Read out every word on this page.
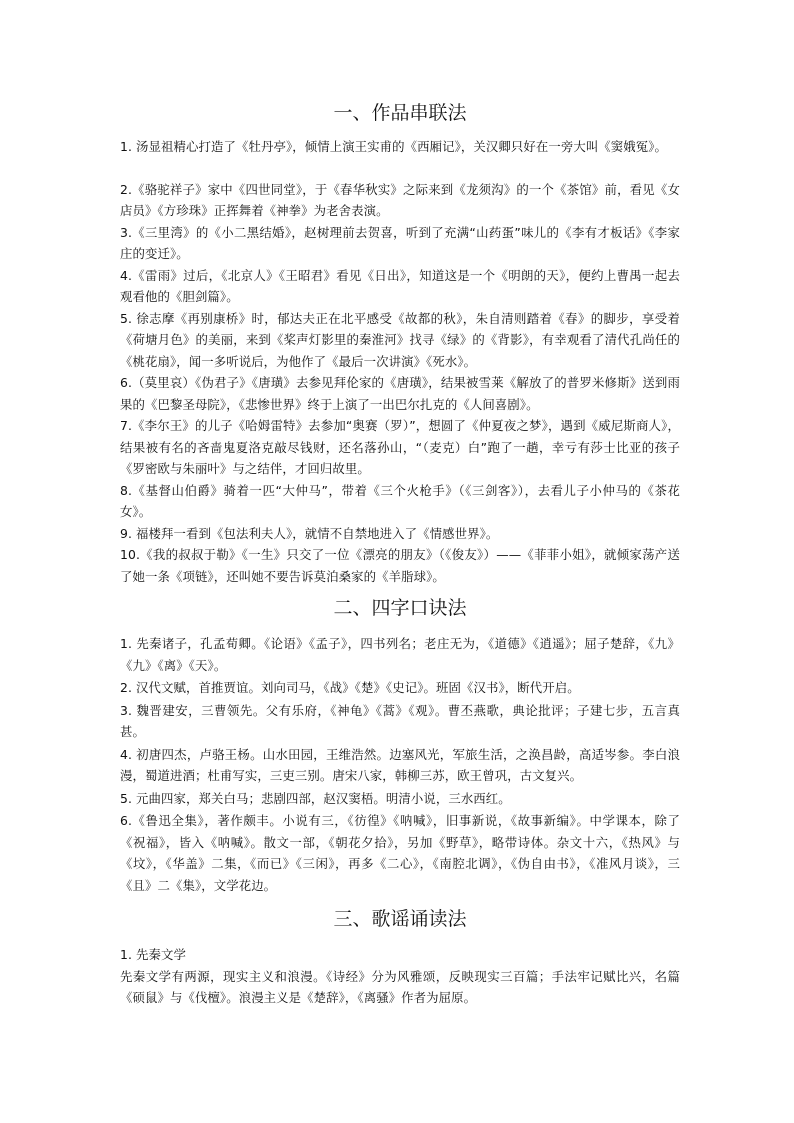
一、作品串联法

1. 汤显祖精心打造了《牡丹亭》，倾情上演王实甫的《西厢记》，关汉卿只好在一旁大叫《窦娥冤》。

2.《骆驼祥子》家中《四世同堂》，于《春华秋实》之际来到《龙须沟》的一个《茶馆》前，看见《女店员》《方珍珠》正挥舞着《神拳》为老舍表演。

3.《三里湾》的《小二黑结婚》，赵树理前去贺喜，听到了充满“山药蛋”味儿的《李有才板话》《李家庄的变迁》。

4.《雷雨》过后，《北京人》《王昭君》看见《日出》，知道这是一个《明朗的天》，便约上曹禺一起去观看他的《胆剑篇》。

5. 徐志摩《再别康桥》时，郁达夫正在北平感受《故都的秋》，朱自清则踏着《春》的脚步，享受着《荷塘月色》的美丽，来到《桨声灯影里的秦淮河》找寻《绿》的《背影》，有幸观看了清代孔尚任的《桃花扇》，闻一多听说后，为他作了《最后一次讲演》《死水》。

6.（莫里哀）《伪君子》《唐璜》去参见拜伦家的《唐璜》，结果被雪莱《解放了的普罗米修斯》送到雨果的《巴黎圣母院》，《悲惨世界》终于上演了一出巴尔扎克的《人间喜剧》。

7.《李尔王》的儿子《哈姆雷特》去参加“奥赛（罗）”，想圆了《仲夏夜之梦》，遇到《威尼斯商人》，结果被有名的吝啬鬼夏洛克敲尽钱财，还名落孙山，“（麦克）白”跑了一趟，幸亏有莎士比亚的孩子《罗密欧与朱丽叶》与之结伴，才回归故里。

8.《基督山伯爵》骑着一匹“大仲马”，带着《三个火枪手》（《三剑客》），去看儿子小仲马的《茶花女》。

9. 福楼拜一看到《包法利夫人》，就情不自禁地进入了《情感世界》。

10.《我的叔叔于勒》《一生》只交了一位《漂亮的朋友》（《俊友》）——《菲菲小姐》，就倾家荡产送了她一条《项链》，还叫她不要告诉莫泊桑家的《羊脂球》。

二、四字口诀法

1. 先秦诸子，孔孟荀卿。《论语》《孟子》，四书列名；老庄无为，《道德》《逍遥》；屈子楚辞，《九》《九》《离》《天》。

2. 汉代文赋，首推贾谊。刘向司马，《战》《楚》《史记》。班固《汉书》，断代开启。

3. 魏晋建安，三曹领先。父有乐府，《神龟》《蒿》《观》。曹丕燕歌，典论批评；子建七步，五言真甚。

4. 初唐四杰，卢骆王杨。山水田园，王维浩然。边塞风光，军旅生活，之涣昌龄，高适岑参。李白浪漫，蜀道进酒；杜甫写实，三吏三别。唐宋八家，韩柳三苏，欧王曾巩，古文复兴。

5. 元曲四家，郑关白马；悲剧四部，赵汉窦梧。明清小说，三水西红。

6.《鲁迅全集》，著作颇丰。小说有三，《彷徨》《呐喊》，旧事新说，《故事新编》。中学课本，除了《祝福》，皆入《呐喊》。散文一部，《朝花夕拾》，另加《野草》，略带诗体。杂文十六，《热风》与《坟》，《华盖》二集，《而已》《三闲》，再多《二心》，《南腔北调》，《伪自由书》，《准风月谈》，三《且》二《集》，文学花边。

三、歌谣诵读法

1. 先秦文学

先秦文学有两源，现实主义和浪漫。《诗经》分为风雅颂，反映现实三百篇；手法牢记赋比兴，名篇《硕鼠》与《伐檀》。浪漫主义是《楚辞》，《离骚》作者为屈原。
